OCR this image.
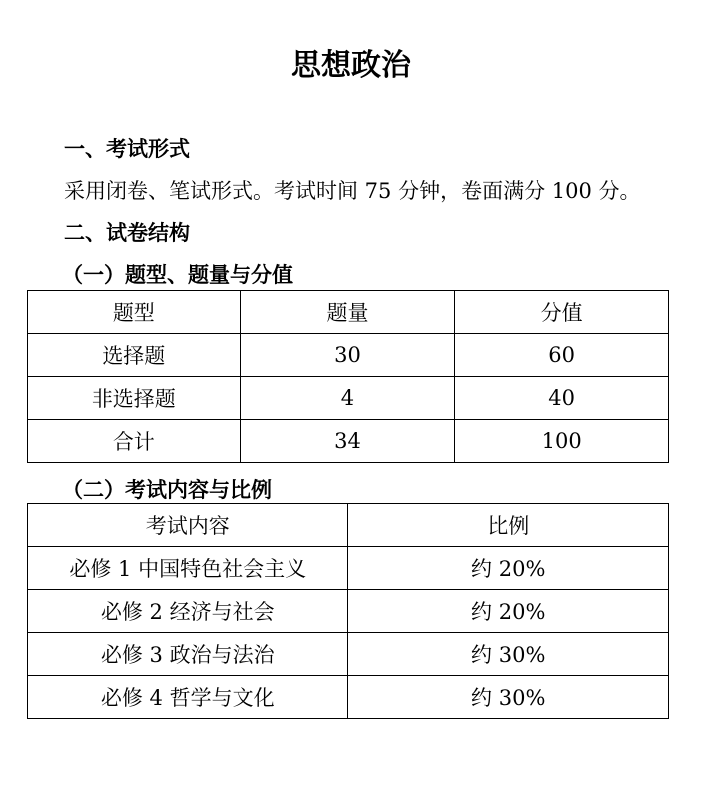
思想政治
一、考试形式
采用闭卷、笔试形式。考试时间 75 分钟，卷面满分 100 分。
二、试卷结构
（一）题型、题量与分值
题型	题量	分值
选择题	30	60
非选择题	4	40
合计	34	100
（二）考试内容与比例
考试内容	比例
必修 1 中国特色社会主义	约 20%
必修 2 经济与社会	约 20%
必修 3 政治与法治	约 30%
必修 4 哲学与文化	约 30%
